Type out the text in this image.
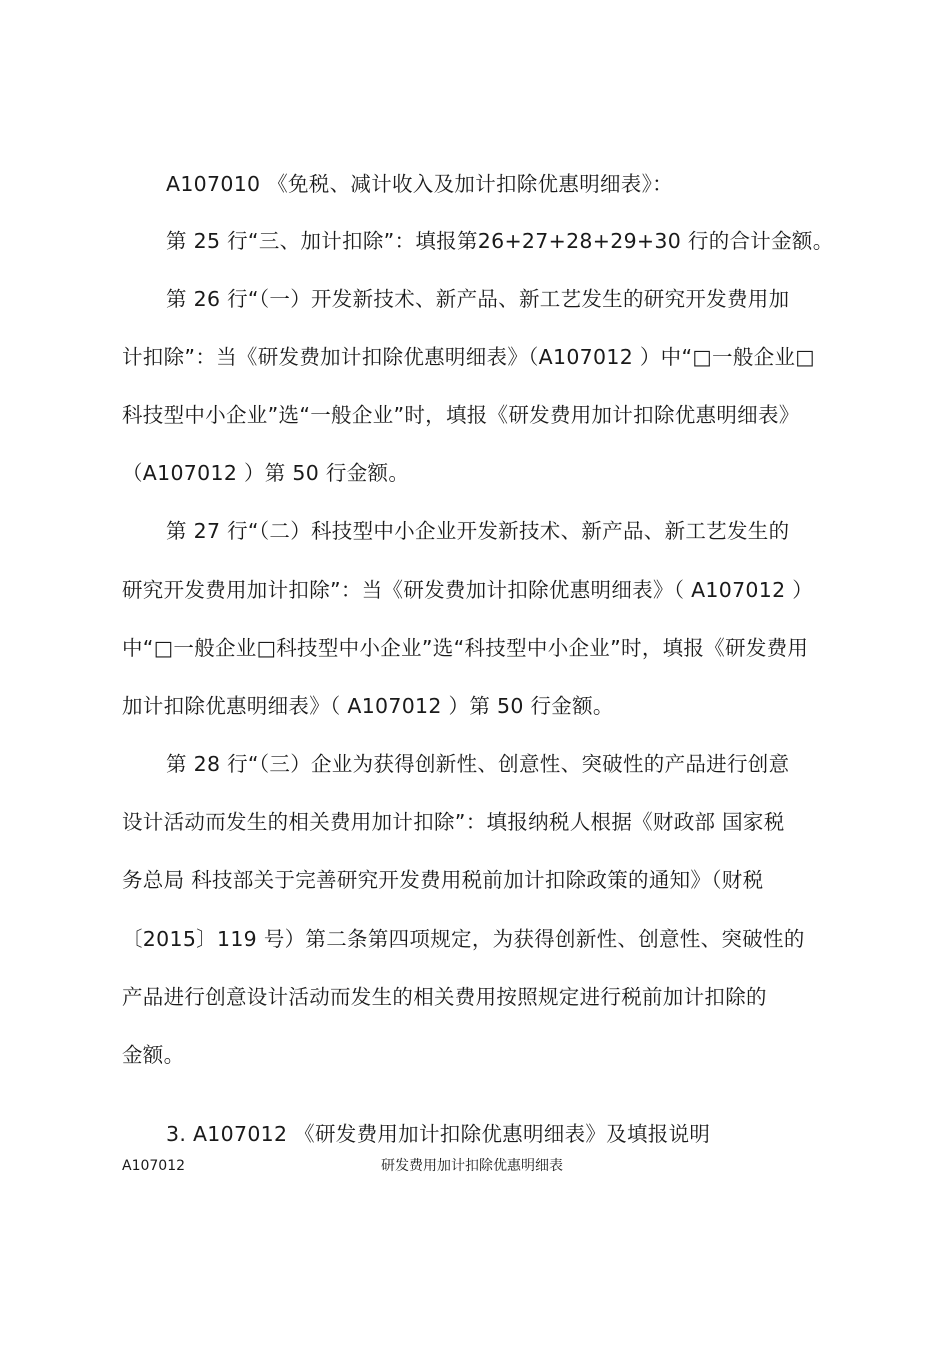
A107010 《免税、减计收入及加计扣除优惠明细表》：
第 25 行“三、加计扣除”：填报第26+27+28+29+30 行的合计金额。
第 26 行“（一）开发新技术、新产品、新工艺发生的研究开发费用加
计扣除”：当《研发费加计扣除优惠明细表》（A107012 ）中“□一般企业□
科技型中小企业”选“一般企业”时，填报《研发费用加计扣除优惠明细表》
（A107012 ）第 50 行金额。
第 27 行“（二）科技型中小企业开发新技术、新产品、新工艺发生的
研究开发费用加计扣除”：当《研发费加计扣除优惠明细表》（ A107012 ）
中“□一般企业□科技型中小企业”选“科技型中小企业”时，填报《研发费用
加计扣除优惠明细表》（ A107012 ）第 50 行金额。
第 28 行“（三）企业为获得创新性、创意性、突破性的产品进行创意
设计活动而发生的相关费用加计扣除”：填报纳税人根据《财政部 国家税
务总局 科技部关于完善研究开发费用税前加计扣除政策的通知》（财税
〔2015〕119 号）第二条第四项规定，为获得创新性、创意性、突破性的
产品进行创意设计活动而发生的相关费用按照规定进行税前加计扣除的
金额。
3. A107012 《研发费用加计扣除优惠明细表》及填报说明
A107012	研发费用加计扣除优惠明细表
